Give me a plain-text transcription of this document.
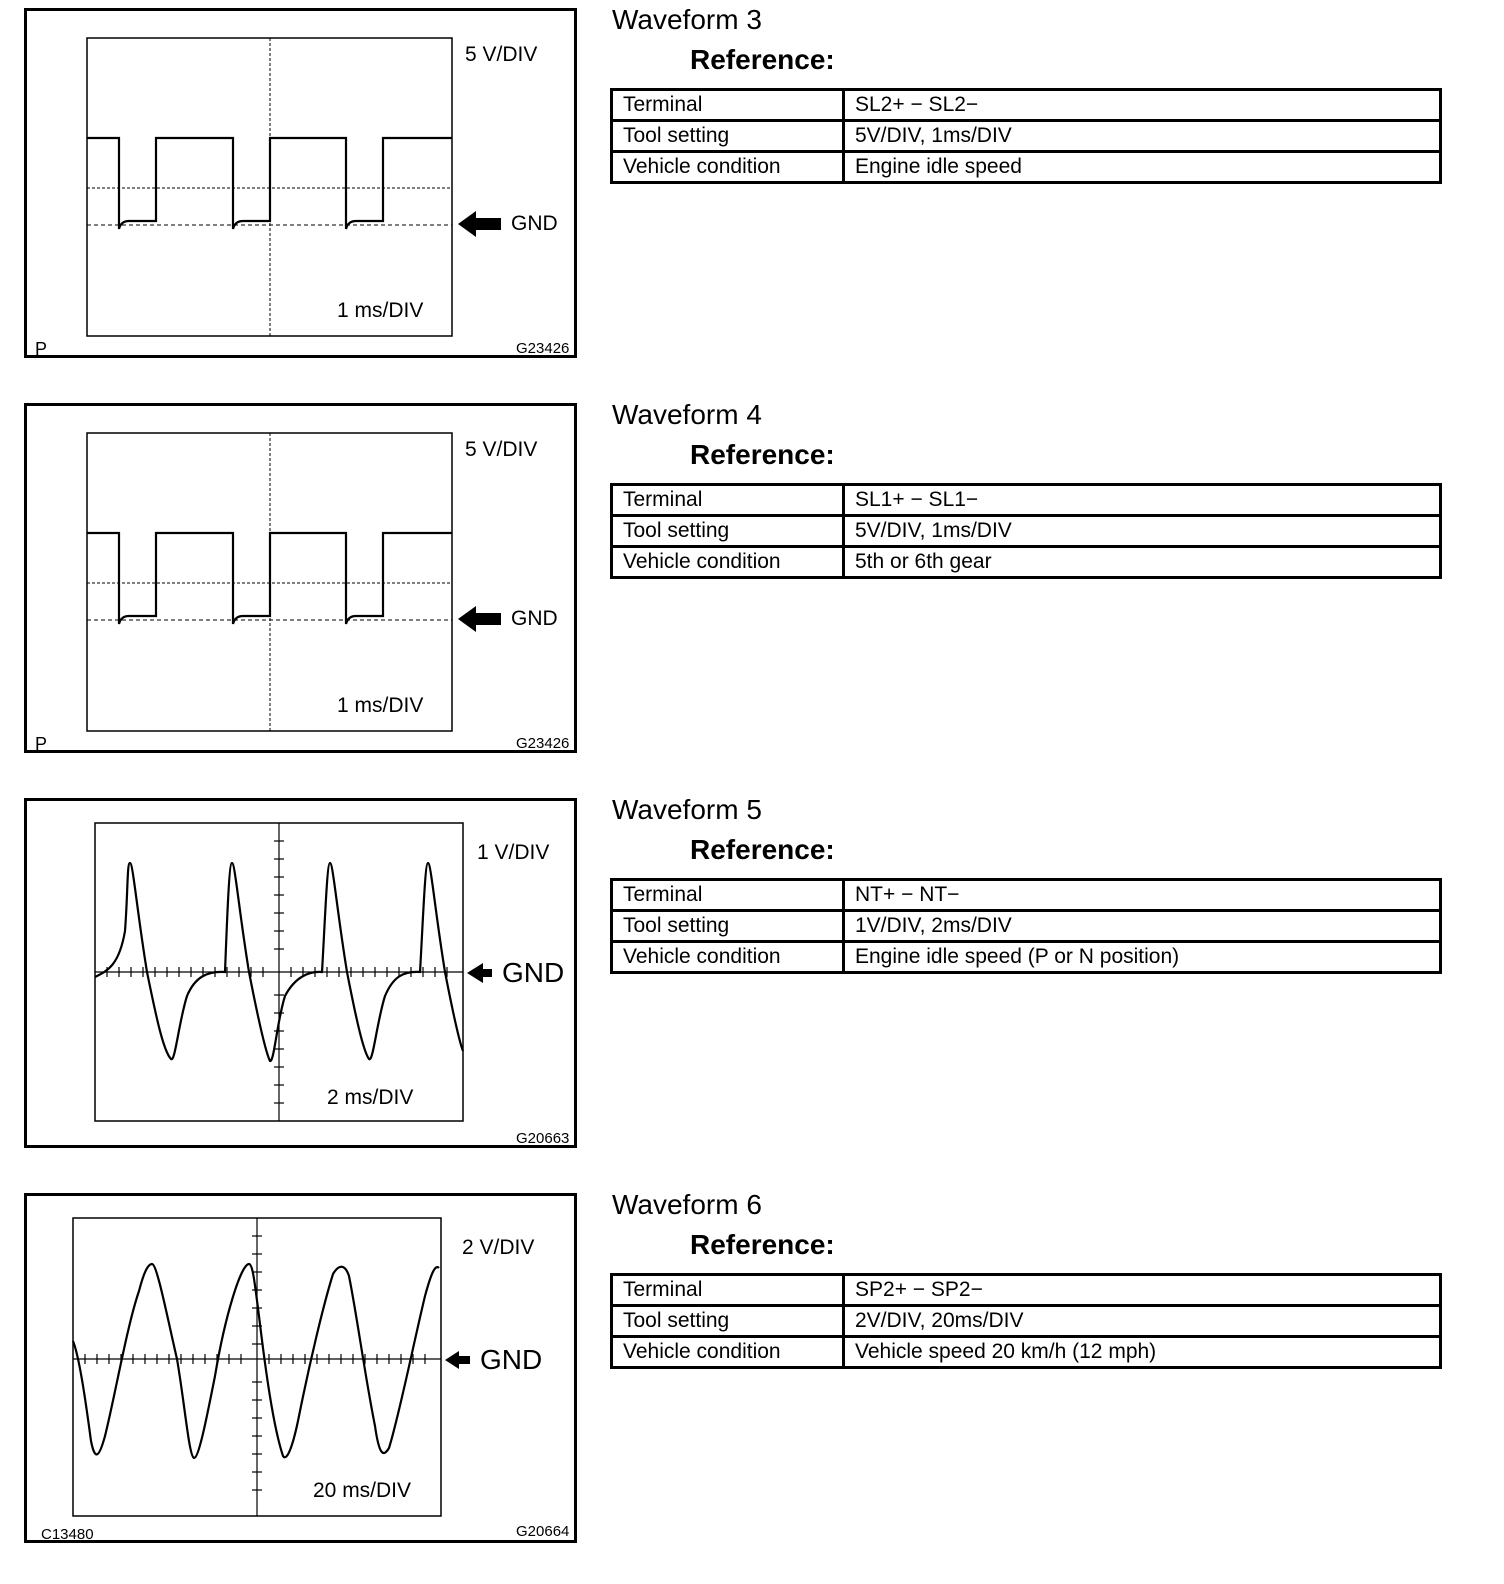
5 V/DIV
GND
1 ms/DIV
P	G23426
Waveform 3
Reference:
Terminal	SL2+ − SL2−
Tool setting	5V/DIV, 1ms/DIV
Vehicle condition	Engine idle speed
5 V/DIV
GND
1 ms/DIV
P	G23426
Waveform 4
Reference:
Terminal	SL1+ − SL1−
Tool setting	5V/DIV, 1ms/DIV
Vehicle condition	5th or 6th gear
1 V/DIV
GND
2 ms/DIV
G20663
Waveform 5
Reference:
Terminal	NT+ − NT−
Tool setting	1V/DIV, 2ms/DIV
Vehicle condition	Engine idle speed (P or N position)
2 V/DIV
GND
20 ms/DIV
C13480	G20664
Waveform 6
Reference:
Terminal	SP2+ − SP2−
Tool setting	2V/DIV, 20ms/DIV
Vehicle condition	Vehicle speed 20 km/h (12 mph)
